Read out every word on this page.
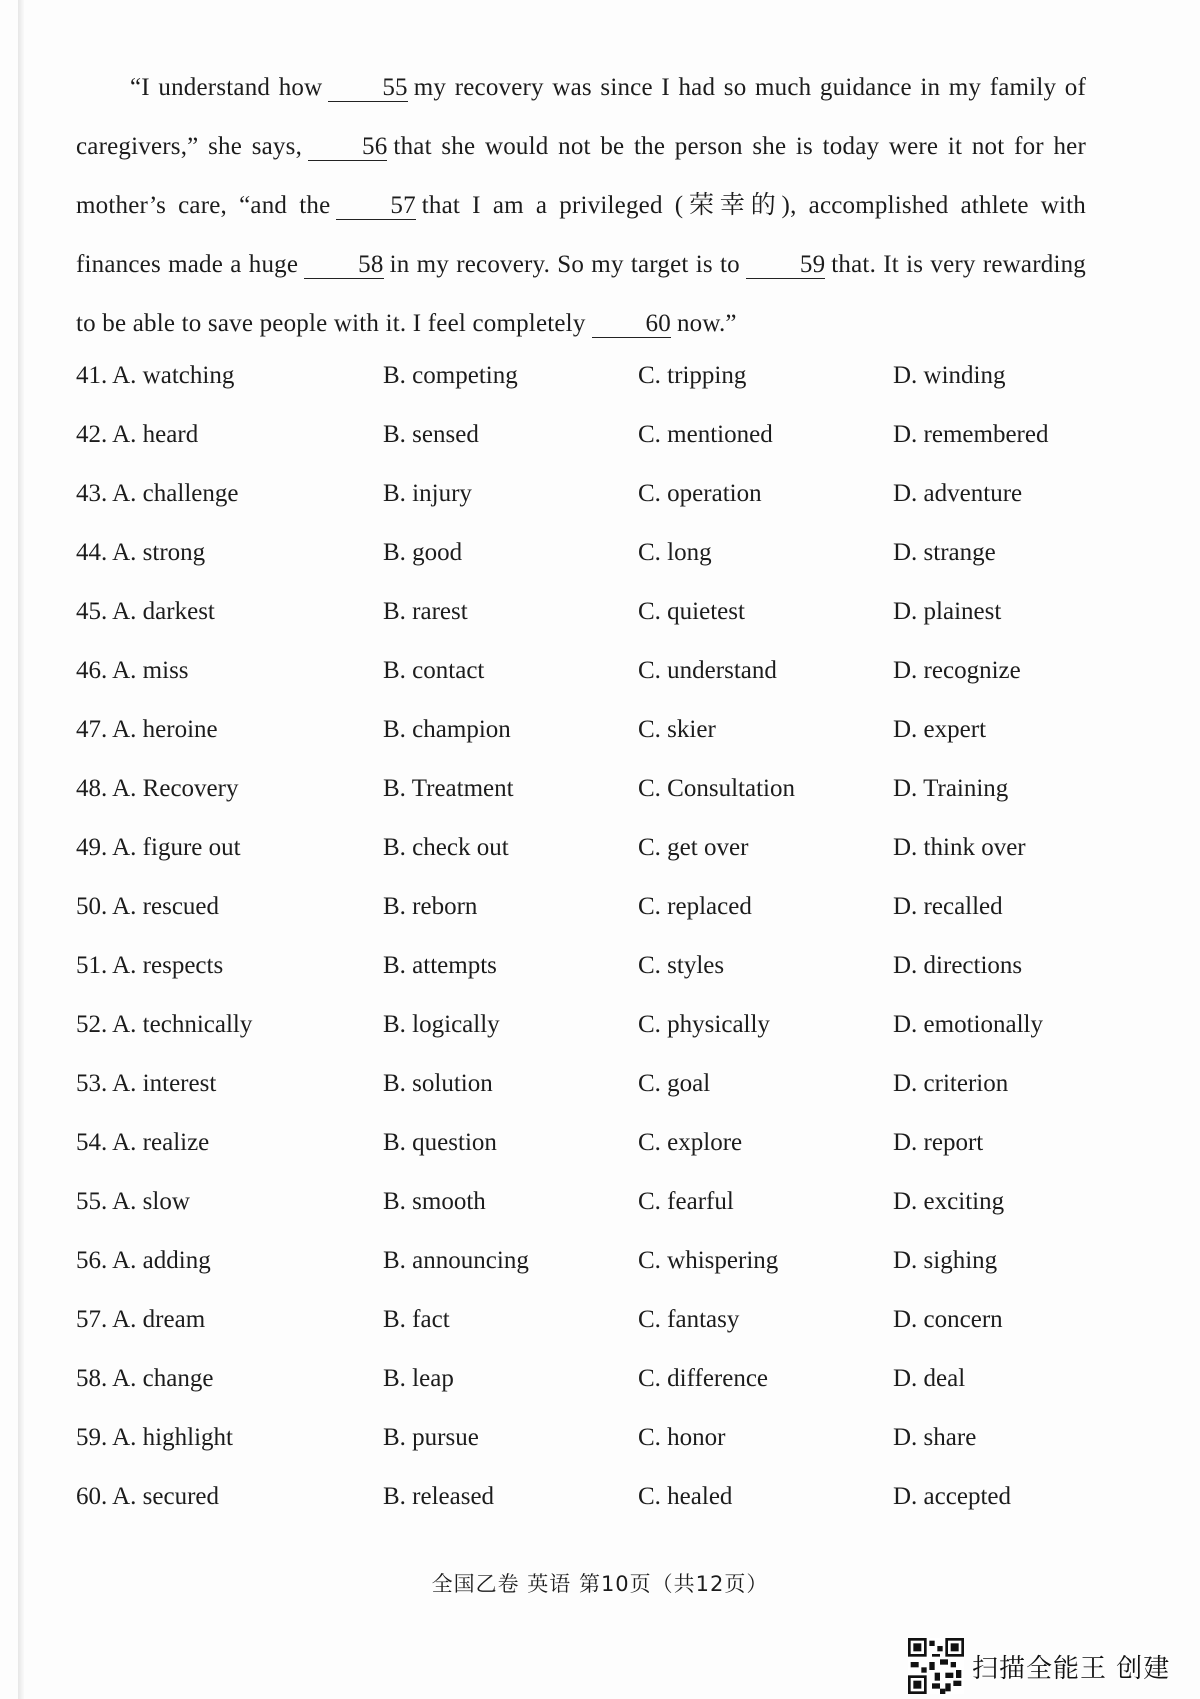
“I understand how 55 my recovery was since I had so much guidance in my family of caregivers,” she says, 56 that she would not be the person she is today were it not for her mother’s care, “and the 57 that I am a privileged (荣幸的), accomplished athlete with finances made a huge 58 in my recovery. So my target is to 59 that. It is very rewarding to be able to save people with it. I feel completely 60 now.”

41. A. watching	B. competing	C. tripping	D. winding
42. A. heard	B. sensed	C. mentioned	D. remembered
43. A. challenge	B. injury	C. operation	D. adventure
44. A. strong	B. good	C. long	D. strange
45. A. darkest	B. rarest	C. quietest	D. plainest
46. A. miss	B. contact	C. understand	D. recognize
47. A. heroine	B. champion	C. skier	D. expert
48. A. Recovery	B. Treatment	C. Consultation	D. Training
49. A. figure out	B. check out	C. get over	D. think over
50. A. rescued	B. reborn	C. replaced	D. recalled
51. A. respects	B. attempts	C. styles	D. directions
52. A. technically	B. logically	C. physically	D. emotionally
53. A. interest	B. solution	C. goal	D. criterion
54. A. realize	B. question	C. explore	D. report
55. A. slow	B. smooth	C. fearful	D. exciting
56. A. adding	B. announcing	C. whispering	D. sighing
57. A. dream	B. fact	C. fantasy	D. concern
58. A. change	B. leap	C. difference	D. deal
59. A. highlight	B. pursue	C. honor	D. share
60. A. secured	B. released	C. healed	D. accepted
全国乙卷 英语 第10页（共12页）
扫描全能王 创建
